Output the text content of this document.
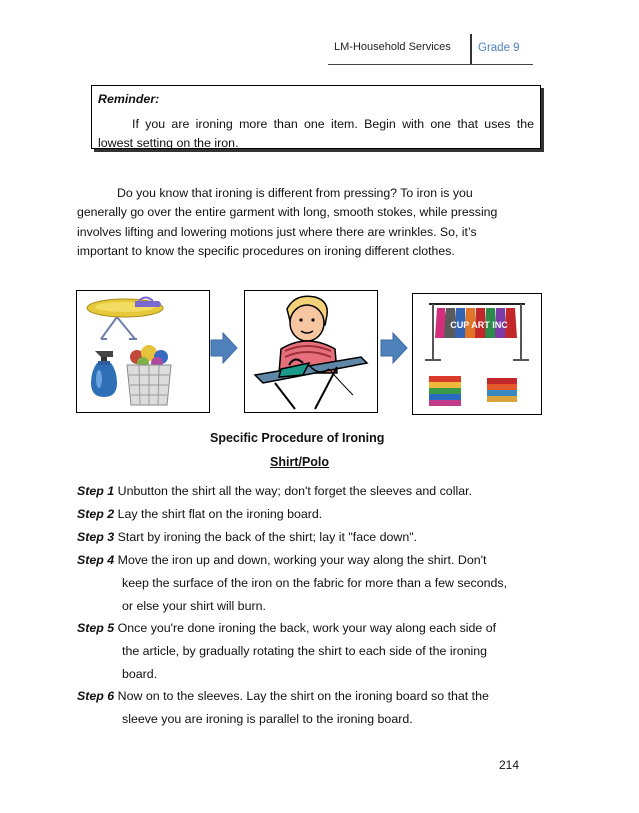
LM-Household Services Grade 9
Reminder:
If you are ironing more than one item. Begin with one that uses the lowest setting on the iron.
Do you know that ironing is different from pressing? To iron is you generally go over the entire garment with long, smooth stokes, while pressing involves lifting and lowering motions just where there are wrinkles. So, it’s important to know the specific procedures on ironing different clothes.
CUP ART INC
Specific Procedure of Ironing
Shirt/Polo
Step 1 Unbutton the shirt all the way; don't forget the sleeves and collar.
Step 2 Lay the shirt flat on the ironing board.
Step 3 Start by ironing the back of the shirt; lay it "face down".
Step 4 Move the iron up and down, working your way along the shirt. Don't
keep the surface of the iron on the fabric for more than a few seconds,
or else your shirt will burn.
Step 5 Once you're done ironing the back, work your way along each side of
the article, by gradually rotating the shirt to each side of the ironing
board.
Step 6 Now on to the sleeves. Lay the shirt on the ironing board so that the
sleeve you are ironing is parallel to the ironing board.
214
